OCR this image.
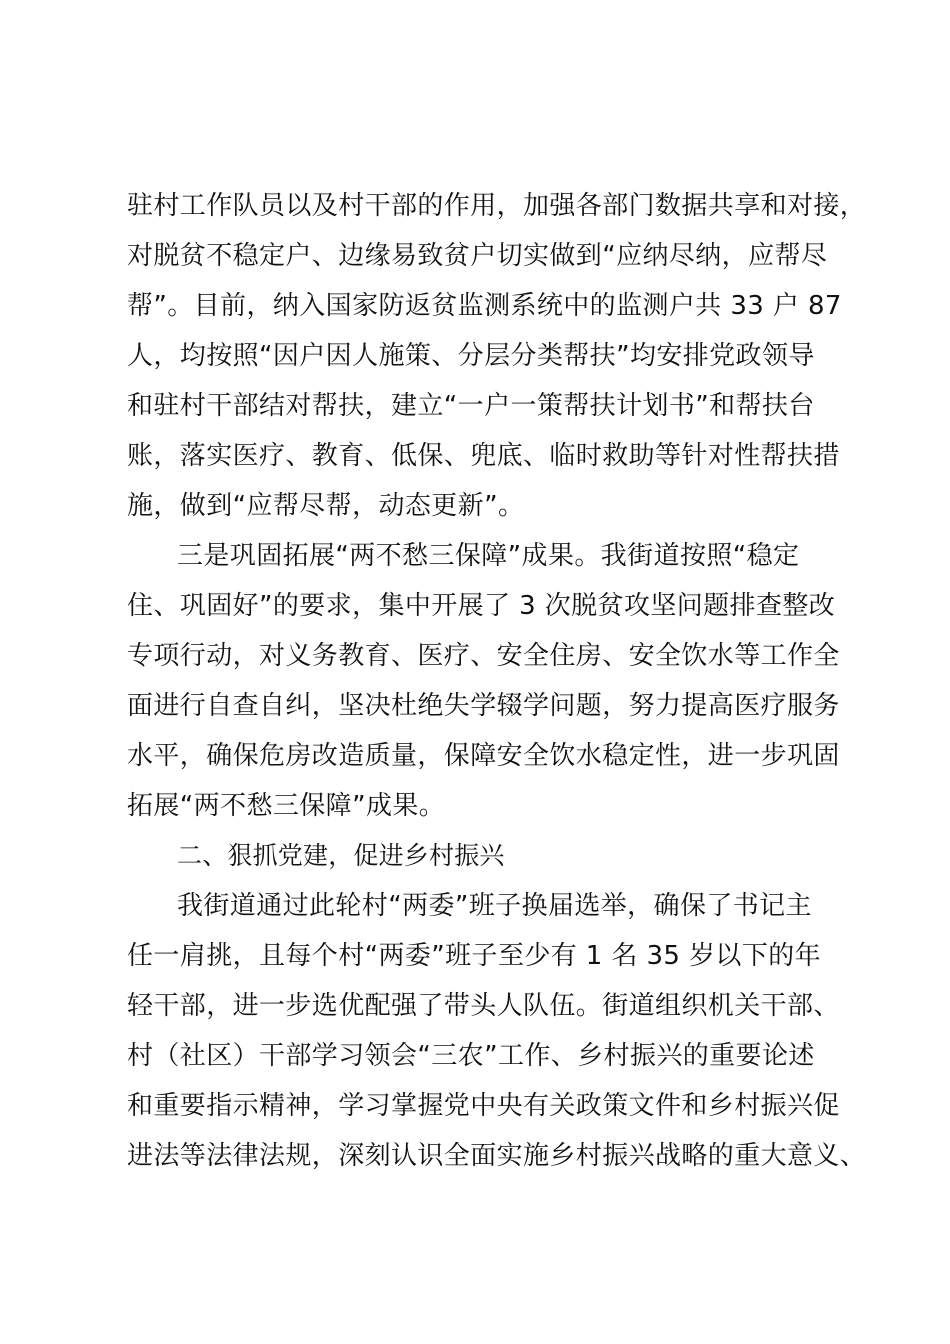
驻村工作队员以及村干部的作用，加强各部门数据共享和对接，
对脱贫不稳定户、边缘易致贫户切实做到“应纳尽纳，应帮尽
帮”。目前，纳入国家防返贫监测系统中的监测户共 33 户 87
人，均按照“因户因人施策、分层分类帮扶”均安排党政领导
和驻村干部结对帮扶，建立“一户一策帮扶计划书”和帮扶台
账，落实医疗、教育、低保、兜底、临时救助等针对性帮扶措
施，做到“应帮尽帮，动态更新”。
三是巩固拓展“两不愁三保障”成果。我街道按照“稳定
住、巩固好”的要求，集中开展了 3 次脱贫攻坚问题排查整改
专项行动，对义务教育、医疗、安全住房、安全饮水等工作全
面进行自查自纠，坚决杜绝失学辍学问题，努力提高医疗服务
水平，确保危房改造质量，保障安全饮水稳定性，进一步巩固
拓展“两不愁三保障”成果。
二、狠抓党建，促进乡村振兴
我街道通过此轮村“两委”班子换届选举，确保了书记主
任一肩挑，且每个村“两委”班子至少有 1 名 35 岁以下的年
轻干部，进一步选优配强了带头人队伍。街道组织机关干部、
村（社区）干部学习领会“三农”工作、乡村振兴的重要论述
和重要指示精神，学习掌握党中央有关政策文件和乡村振兴促
进法等法律法规，深刻认识全面实施乡村振兴战略的重大意义、
